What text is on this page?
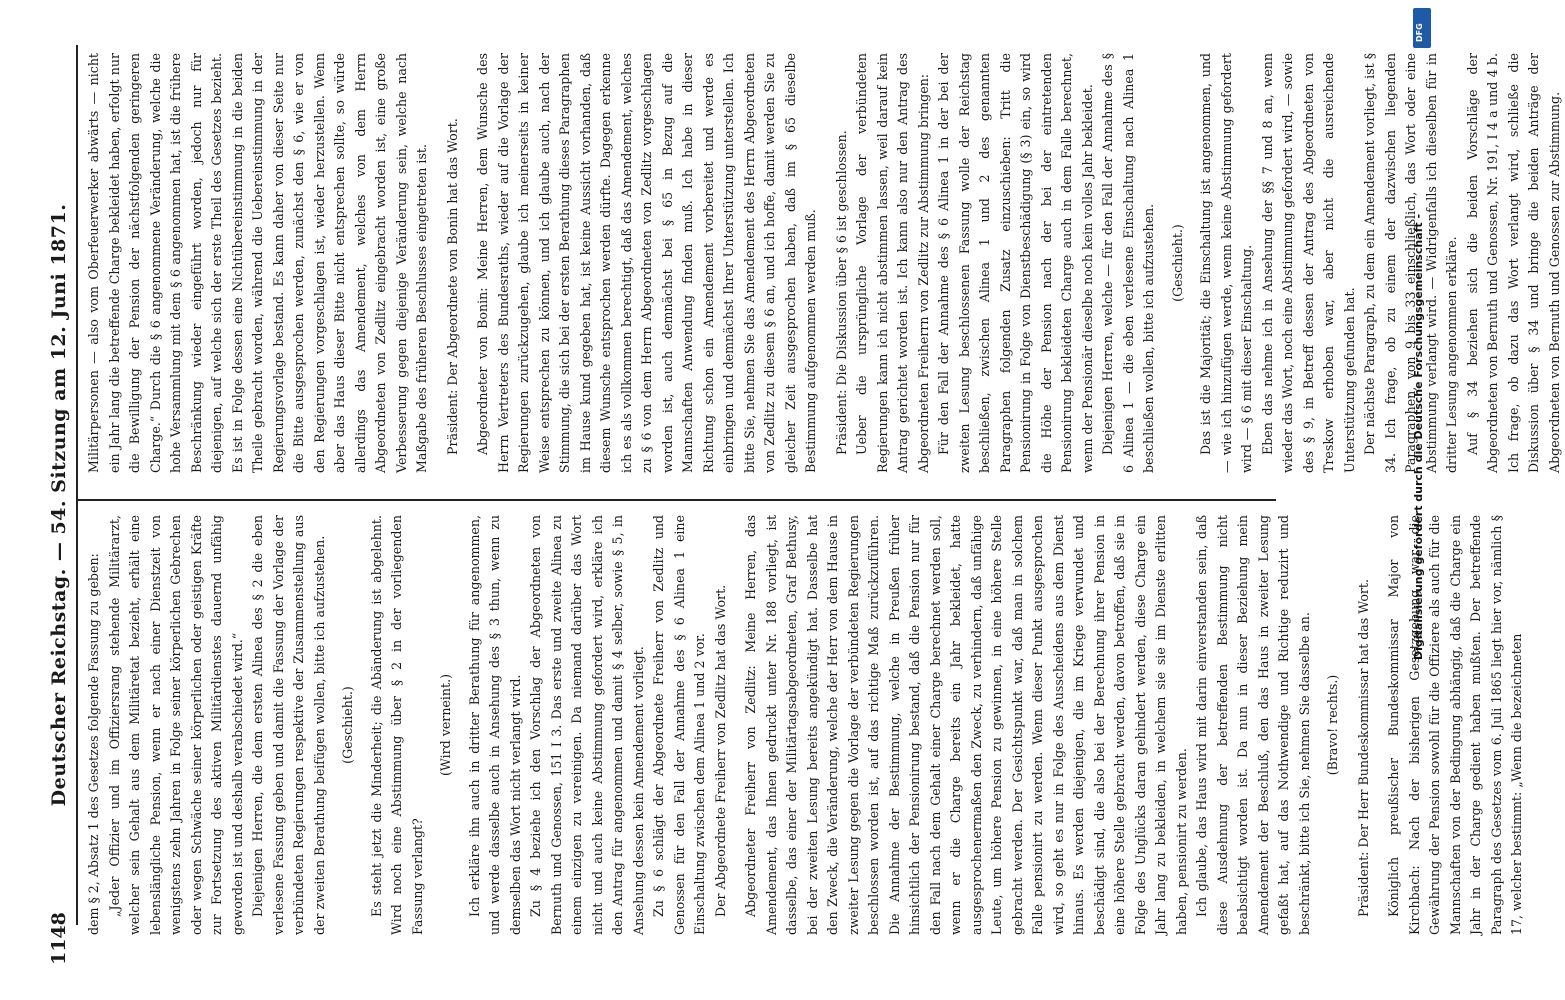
1148
Deutscher Reichstag. — 54. Sitzung am 12. Juni 1871. dem § 2, Absatz 1 des Gesetzes folgende Fassung zu geben: „Jeder Offizier und im Offiziersrang stehende Militärarzt, welcher sein Gehalt aus dem Militäretat bezieht, erhält eine lebenslängliche Pension, wenn er nach einer Dienstzeit von wenigstens zehn Jahren in Folge seiner körperlichen Gebrechen oder wegen Schwäche seiner körperlichen oder geistigen Kräfte zur Fortsetzung des aktiven Militärdienstes dauernd unfähig geworden ist und deshalb verabschiedet wird.“ Diejenigen Herren, die dem ersten Alinea des § 2 die eben verlesene Fassung geben und damit die Fassung der Vorlage der verbündeten Regierungen respektive der Zusammenstellung aus der zweiten Berathung beifügen wollen, bitte ich aufzustehen. (Geschieht.) Es steht jetzt die Minderheit; die Abänderung ist abgelehnt. Wird noch eine Abstimmung über § 2 in der vorliegenden Fassung verlangt?

(Wird verneint.) Ich erkläre ihn auch in dritter Berathung für angenommen, und werde dasselbe auch in Ansehung des § 3 thun, wenn zu demselben das Wort nicht verlangt wird. Zu § 4 beziehe ich den Vorschlag der Abgeordneten von Bernuth und Genossen, 151 I 3. Das erste und zweite Alinea zu einem einzigen zu vereinigen. Da niemand darüber das Wort nicht und auch keine Abstimmung gefordert wird, erkläre ich den Antrag für angenommen und damit § 4 selber, sowie § 5, in Ansehung dessen kein Amendement vorliegt. Zu § 6 schlägt der Abgeordnete Freiherr von Zedlitz und Genossen für den Fall der Annahme des § 6 Alinea 1 eine Einschaltung zwischen dem Alinea 1 und 2 vor. Der Abgeordnete Freiherr von Zedlitz hat das Wort. Abgeordneter Freiherr von Zedlitz: Meine Herren, das Amendement, das Ihnen gedruckt unter Nr. 188 vorliegt, ist dasselbe, das einer der Militärtagsabgeordneten, Graf Bethusy, bei der zweiten Lesung bereits angekündigt hat. Dasselbe hat den Zweck, die Veränderung, welche der Herr von dem Hause in zweiter Lesung gegen die Vorlage der verbündeten Regierungen beschlossen worden ist, auf das richtige Maß zurückzuführen. Die Annahme der Bestimmung, welche in Preußen früher hinsichtlich der Pensionirung bestand, daß die Pension nur für den Fall nach dem Gehalt einer Charge berechnet werden soll, wenn er die Charge bereits ein Jahr bekleidet, hatte ausgesprochenermaßen den Zweck, zu verhindern, daß unfähige Leute, um höhere Pension zu gewinnen, in eine höhere Stelle gebracht werden. Der Gesichtspunkt war, daß man in solchem Falle pensionirt zu werden. Wenn dieser Punkt ausgesprochen wird, so geht es nur in Folge des Ausscheidens aus dem Dienst hinaus. Es werden diejenigen, die im Kriege verwundet und beschädigt sind, die also bei der Berechnung ihrer Pension in eine höhere Stelle gebracht werden, davon betroffen, daß sie in Folge des Unglücks daran gehindert werden, diese Charge ein Jahr lang zu bekleiden, in welchem sie sie im Dienste erlitten haben, pensionirt zu werden. Ich glaube, das Haus wird mit darin einverstanden sein, daß diese Ausdehnung der betreffenden Bestimmung nicht beabsichtigt worden ist. Da nun in dieser Beziehung mein Amendement der Beschluß, den das Haus in zweiter Lesung gefaßt hat, auf das Nothwendige und Richtige reduzirt und beschränkt, bitte ich Sie, nehmen Sie dasselbe an. (Bravo! rechts.) Präsident: Der Herr Bundeskommissar hat das Wort. Königlich preußischer Bundeskommissar Major von Kirchbach: Nach der bisherigen Gesetzgebung war die Gewährung der Pension sowohl für die Offiziere als auch für die Mannschaften von der Bedingung abhängig, daß die Charge ein Jahr in der Charge gedient haben mußten. Der betreffende Paragraph des Gesetzes vom 6. Juli 1865 liegt hier vor, nämlich § 17, welcher bestimmt: „Wenn die bezeichneten

Militärpersonen — also vom Oberfeuerwerker abwärts — nicht ein Jahr lang die betreffende Charge bekleidet haben, erfolgt nur die Bewilligung der Pension der nächstfolgenden geringeren Charge.“ Durch die § 6 angenommene Veränderung, welche die hohe Versammlung mit dem § 6 angenommen hat, ist die frühere Beschränkung wieder eingeführt worden, jedoch nur für diejenigen, auf welche sich der erste Theil des Gesetzes bezieht. Es ist in Folge dessen eine Nichtübereinstimmung in die beiden Theile gebracht worden, während die Uebereinstimmung in der Regierungsvorlage bestand. Es kann daher von dieser Seite nur die Bitte ausgesprochen werden, zunächst den § 6, wie er von den Regierungen vorgeschlagen ist, wieder herzustellen. Wenn aber das Haus dieser Bitte nicht entsprechen sollte, so würde allerdings das Amendement, welches von dem Herrn Abgeordneten von Zedlitz eingebracht worden ist, eine große Verbesserung gegen diejenige Veränderung sein, welche nach Maßgabe des früheren Beschlusses eingetreten ist. Präsident: Der Abgeordnete von Bonin hat das Wort. Abgeordneter von Bonin: Meine Herren, dem Wunsche des Herrn Vertreters des Bundesraths, wieder auf die Vorlage der Regierungen zurückzugehen, glaube ich meinerseits in keiner Weise entsprechen zu können, und ich glaube auch, nach der Stimmung, die sich bei der ersten Berathung dieses Paragraphen im Hause kund gegeben hat, ist keine Aussicht vorhanden, daß diesem Wunsche entsprochen werden dürfte. Dagegen erkenne ich es als vollkommen berechtigt, daß das Amendement, welches zu § 6 von dem Herrn Abgeordneten von Zedlitz vorgeschlagen worden ist, auch demnächst bei § 65 in Bezug auf die Mannschaften Anwendung finden muß. Ich habe in dieser Richtung schon ein Amendement vorbereitet und werde es einbringen und demnächst Ihrer Unterstützung unterstellen. Ich bitte Sie, nehmen Sie das Amendement des Herrn Abgeordneten von Zedlitz zu diesem § 6 an, und ich hoffe, damit werden Sie zu gleicher Zeit ausgesprochen haben, daß im § 65 dieselbe Bestimmung aufgenommen werden muß. Präsident: Die Diskussion über § 6 ist geschlossen. Ueber die ursprüngliche Vorlage der verbündeten Regierungen kann ich nicht abstimmen lassen, weil darauf kein Antrag gerichtet worden ist. Ich kann also nur den Antrag des Abgeordneten Freiherrn von Zedlitz zur Abstimmung bringen: Für den Fall der Annahme des § 6 Alinea 1 in der bei der zweiten Lesung beschlossenen Fassung wolle der Reichstag beschließen, zwischen Alinea 1 und 2 des genannten Paragraphen folgenden Zusatz einzuschieben: Tritt die Pensionirung in Folge von Dienstbeschädigung (§ 3) ein, so wird die Höhe der Pension nach der bei der eintretenden Pensionirung bekleideten Charge auch in dem Falle berechnet, wenn der Pensionär dieselbe noch kein volles Jahr bekleidet. Diejenigen Herren, welche — für den Fall der Annahme des § 6 Alinea 1 — die eben verlesene Einschaltung nach Alinea 1 beschließen wollen, bitte ich aufzustehen. (Geschieht.) Das ist die Majorität; die Einschaltung ist angenommen, und — wie ich hinzufügen werde, wenn keine Abstimmung gefordert wird — § 6 mit dieser Einschaltung. Eben das nehme ich in Ansehung der §§ 7 und 8 an, wenn wieder das Wort, noch eine Abstimmung gefordert wird, — sowie des § 9, in Betreff dessen der Antrag des Abgeordneten von Treskow erhoben war, aber nicht die ausreichende Unterstützung gefunden hat. Der nächste Paragraph, zu dem ein Amendement vorliegt, ist § 34. Ich frage, ob zu einem der dazwischen liegenden Paragraphen, von 9 bis 33 einschließlich, das Wort oder eine Abstimmung verlangt wird. — Widrigenfalls ich dieselben für in dritter Lesung angenommen erkläre. Auf § 34 beziehen sich die beiden Vorschläge der Abgeordneten von Bernuth und Genossen, Nr. 191, I 4 a und 4 b. Ich frage, ob dazu das Wort verlangt wird, schließe die Diskussion über § 34 und bringe die beiden Anträge der Abgeordneten von Bernuth und Genossen zur Abstimmung.

Digitalisierung gefördert durch die Deutsche Forschungsgemeinschaft -
DFG
